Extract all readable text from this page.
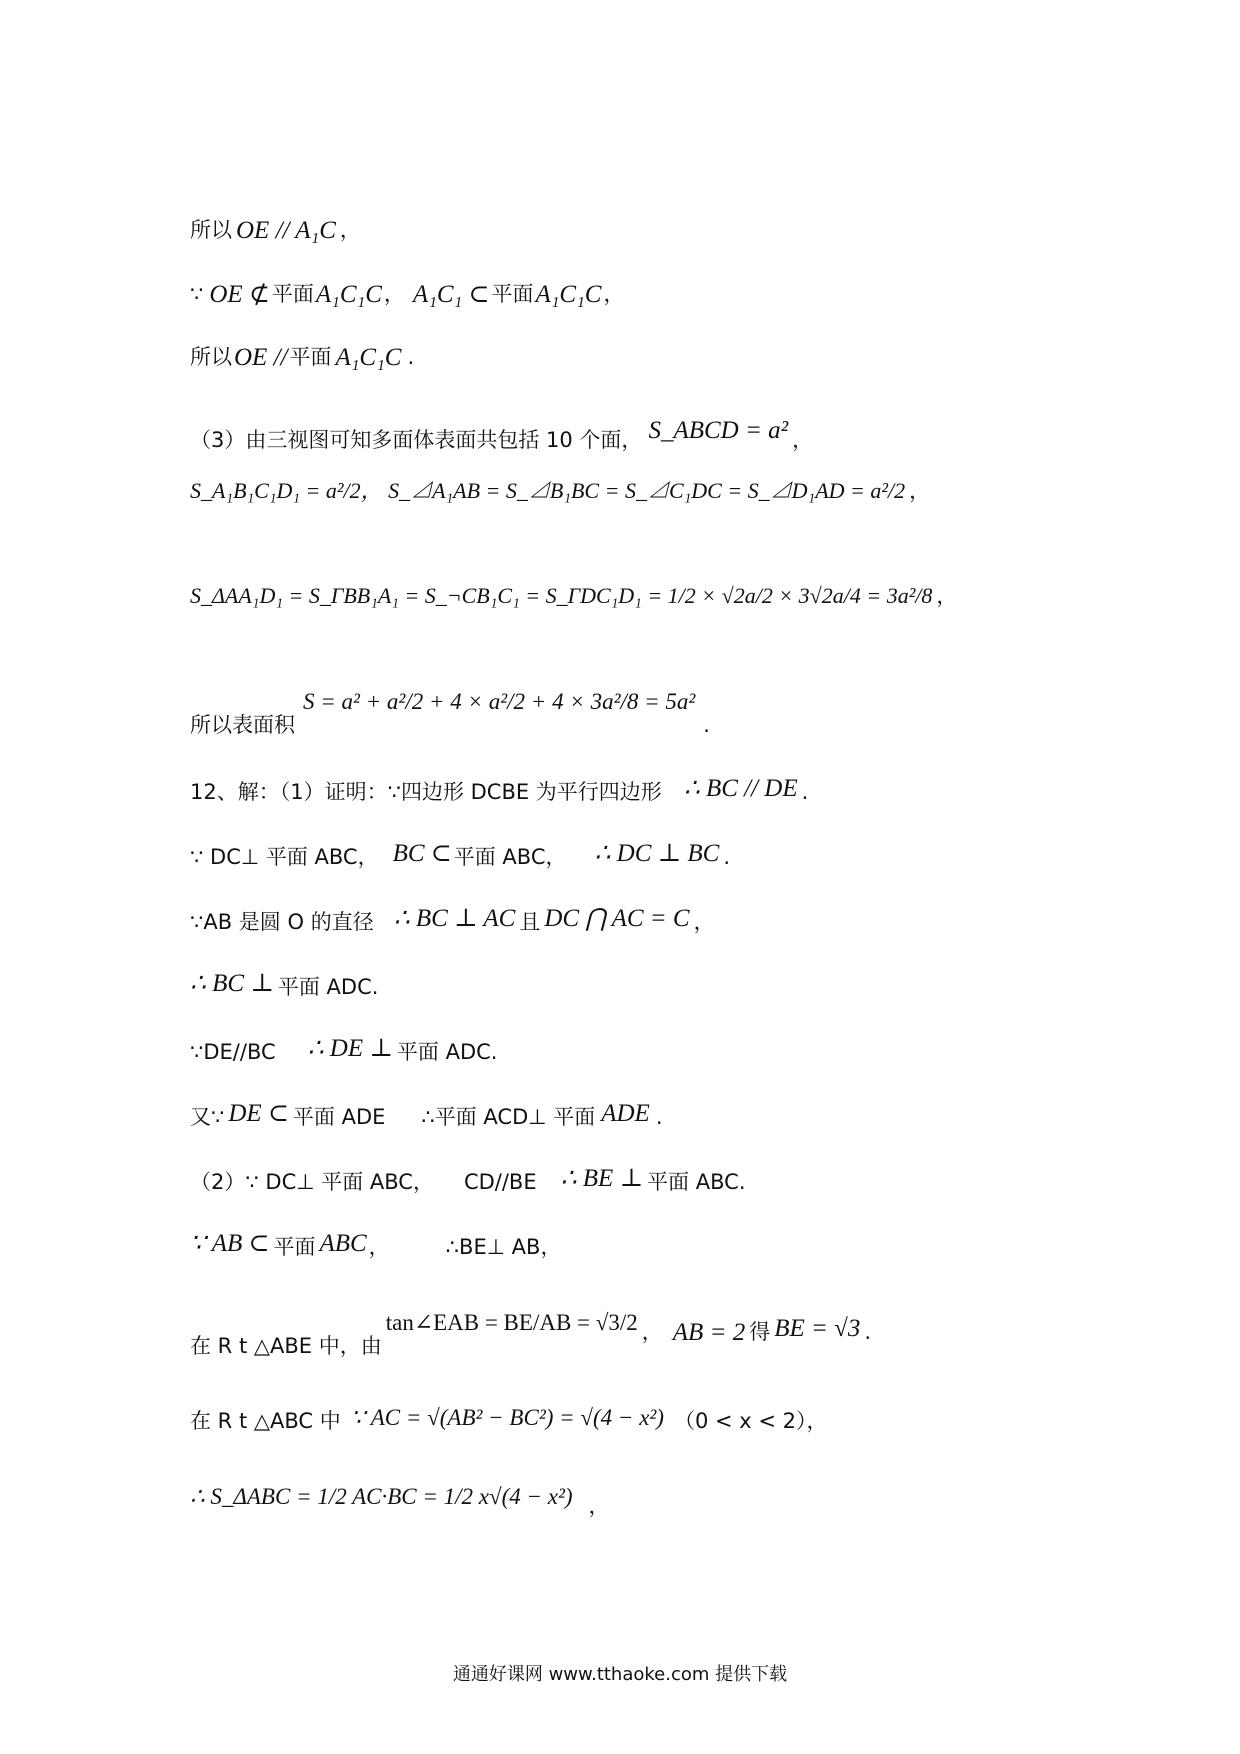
所以 OE // A₁C ，
∵ OE ⊄ 平面 A₁C₁C ， A₁C₁ ⊂ 平面 A₁C₁C ，
所以 OE // 平面 A₁C₁C .
（3）由三视图可知多面体表面共包括 10 个面， S_ABCD = a² ，
S_A₁B₁C₁D₁ = a²/2， S_⊿A₁AB = S_⊿B₁BC = S_⊿C₁DC = S_⊿D₁AD = a²/2 ，
S_ΔAA₁D₁ = S_ΓBB₁A₁ = S_¬CB₁C₁ = S_ΓDC₁D₁ = 1/2 × √2a/2 × 3√2a/4 = 3a²/8 ，
所以表面积
S = a² + a²/2 + 4 × a²/2 + 4 × 3a²/8 = 5a²
.
12、解：（1）证明：∵四边形 DCBE 为平行四边形 ∴ BC // DE .
∵ DC⊥ 平面 ABC， BC ⊂ 平面 ABC， ∴ DC ⊥ BC .
∵AB 是圆 O 的直径 ∴ BC ⊥ AC 且 DC ⋂ AC = C ，
∴ BC ⊥ 平面 ADC.
∵DE//BC ∴ DE ⊥ 平面 ADC.
又∵ DE ⊂ 平面 ADE ∴平面 ACD⊥ 平面 ADE .
（2）∵ DC⊥ 平面 ABC， CD//BE ∴ BE ⊥ 平面 ABC.
∵ AB ⊂ 平面 ABC ，	∴BE⊥ AB，
在 R t △ABE 中，由
tan∠EAB = BE/AB = √3/2 ， AB = 2 得 BE = √3 .
在 R t △ABC 中 ∵ AC = √(AB² − BC²) = √(4 − x²) （0 < x < 2），
∴ S_ΔABC = 1/2 AC·BC = 1/2 x√(4 − x²) ，
通通好课网 www.tthaoke.com 提供下载
